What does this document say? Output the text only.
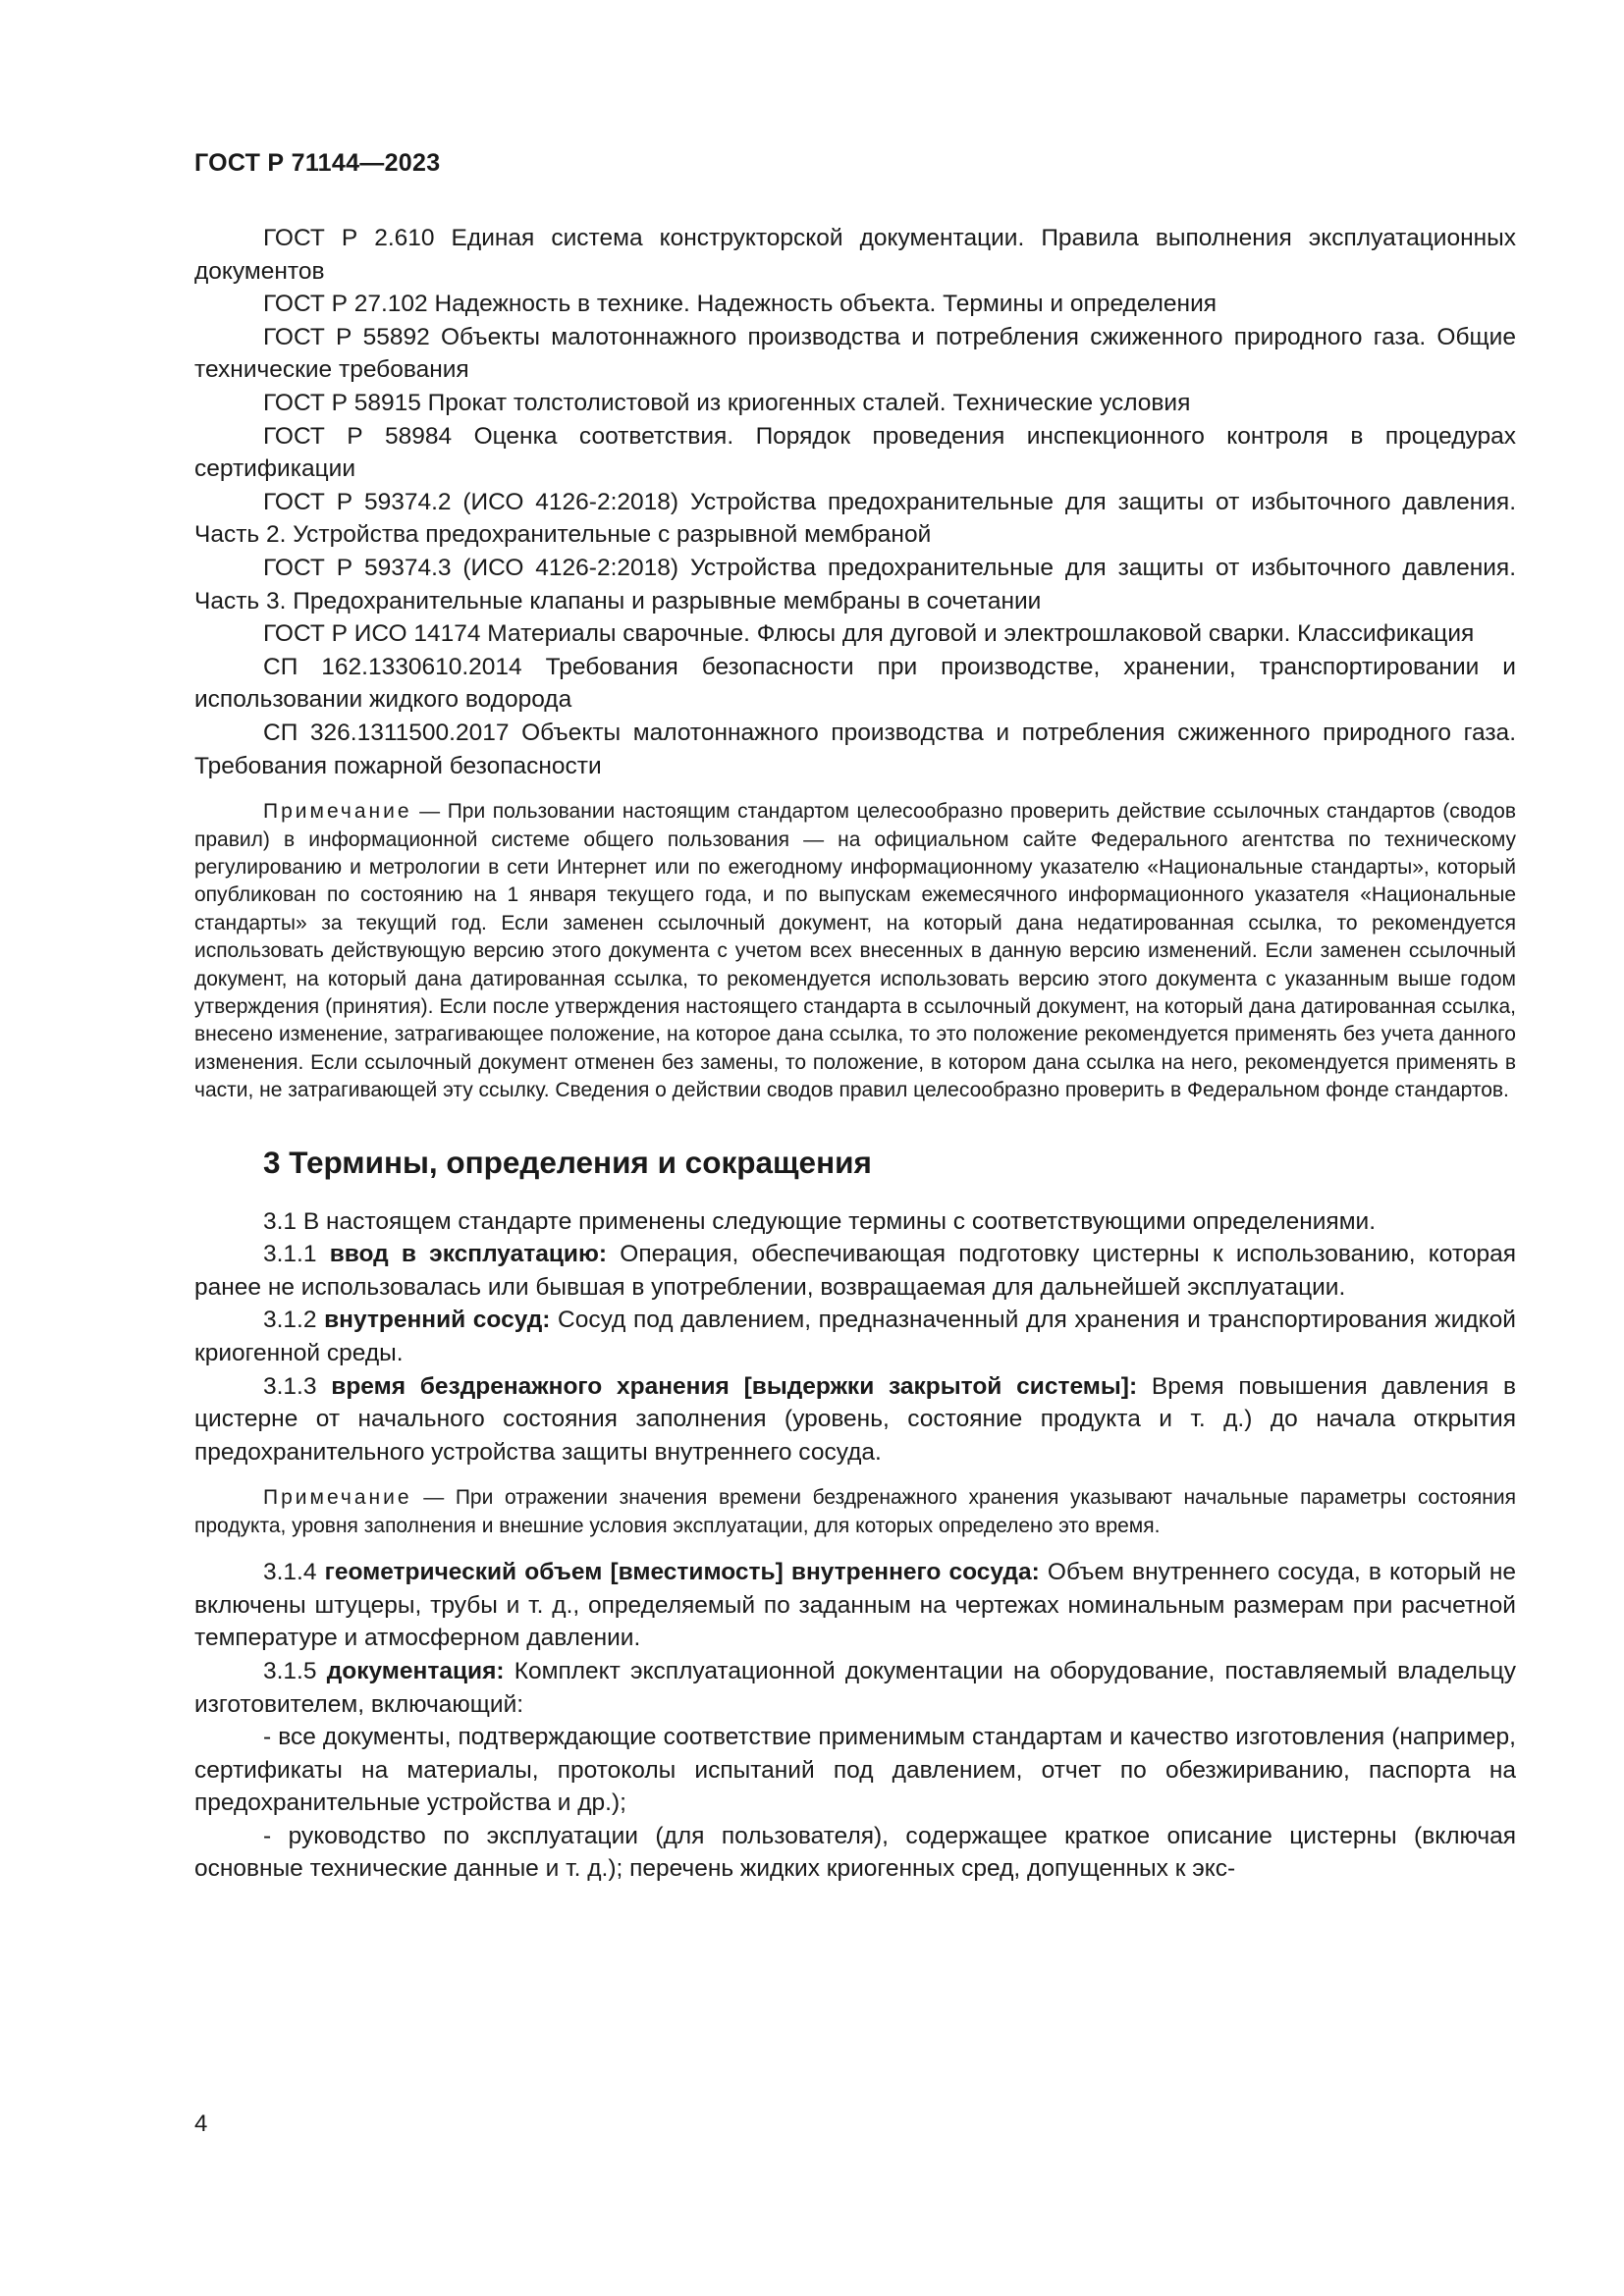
ГОСТ Р 71144—2023

ГОСТ Р 2.610 Единая система конструкторской документации. Правила выполнения эксплуатационных документов

ГОСТ Р 27.102 Надежность в технике. Надежность объекта. Термины и определения

ГОСТ Р 55892 Объекты малотоннажного производства и потребления сжиженного природного газа. Общие технические требования

ГОСТ Р 58915 Прокат толстолистовой из криогенных сталей. Технические условия

ГОСТ Р 58984 Оценка соответствия. Порядок проведения инспекционного контроля в процедурах сертификации

ГОСТ Р 59374.2 (ИСО 4126-2:2018) Устройства предохранительные для защиты от избыточного давления. Часть 2. Устройства предохранительные с разрывной мембраной

ГОСТ Р 59374.3 (ИСО 4126-2:2018) Устройства предохранительные для защиты от избыточного давления. Часть 3. Предохранительные клапаны и разрывные мембраны в сочетании

ГОСТ Р ИСО 14174 Материалы сварочные. Флюсы для дуговой и электрошлаковой сварки. Классификация

СП 162.1330610.2014 Требования безопасности при производстве, хранении, транспортировании и использовании жидкого водорода

СП 326.1311500.2017 Объекты малотоннажного производства и потребления сжиженного природного газа. Требования пожарной безопасности

Примечание — При пользовании настоящим стандартом целесообразно проверить действие ссылочных стандартов (сводов правил) в информационной системе общего пользования — на официальном сайте Федерального агентства по техническому регулированию и метрологии в сети Интернет или по ежегодному информационному указателю «Национальные стандарты», который опубликован по состоянию на 1 января текущего года, и по выпускам ежемесячного информационного указателя «Национальные стандарты» за текущий год. Если заменен ссылочный документ, на который дана недатированная ссылка, то рекомендуется использовать действующую версию этого документа с учетом всех внесенных в данную версию изменений. Если заменен ссылочный документ, на который дана датированная ссылка, то рекомендуется использовать версию этого документа с указанным выше годом утверждения (принятия). Если после утверждения настоящего стандарта в ссылочный документ, на который дана датированная ссылка, внесено изменение, затрагивающее положение, на которое дана ссылка, то это положение рекомендуется применять без учета данного изменения. Если ссылочный документ отменен без замены, то положение, в котором дана ссылка на него, рекомендуется применять в части, не затрагивающей эту ссылку. Сведения о действии сводов правил целесообразно проверить в Федеральном фонде стандартов.

3 Термины, определения и сокращения

3.1 В настоящем стандарте применены следующие термины с соответствующими определениями.

3.1.1 ввод в эксплуатацию: Операция, обеспечивающая подготовку цистерны к использованию, которая ранее не использовалась или бывшая в употреблении, возвращаемая для дальнейшей эксплуатации.

3.1.2 внутренний сосуд: Сосуд под давлением, предназначенный для хранения и транспортирования жидкой криогенной среды.

3.1.3 время бездренажного хранения [выдержки закрытой системы]: Время повышения давления в цистерне от начального состояния заполнения (уровень, состояние продукта и т. д.) до начала открытия предохранительного устройства защиты внутреннего сосуда.

Примечание — При отражении значения времени бездренажного хранения указывают начальные параметры состояния продукта, уровня заполнения и внешние условия эксплуатации, для которых определено это время.

3.1.4 геометрический объем [вместимость] внутреннего сосуда: Объем внутреннего сосуда, в который не включены штуцеры, трубы и т. д., определяемый по заданным на чертежах номинальным размерам при расчетной температуре и атмосферном давлении.

3.1.5 документация: Комплект эксплуатационной документации на оборудование, поставляемый владельцу изготовителем, включающий:

- все документы, подтверждающие соответствие применимым стандартам и качество изготовления (например, сертификаты на материалы, протоколы испытаний под давлением, отчет по обезжириванию, паспорта на предохранительные устройства и др.);

- руководство по эксплуатации (для пользователя), содержащее краткое описание цистерны (включая основные технические данные и т. д.); перечень жидких криогенных сред, допущенных к экс-

4
